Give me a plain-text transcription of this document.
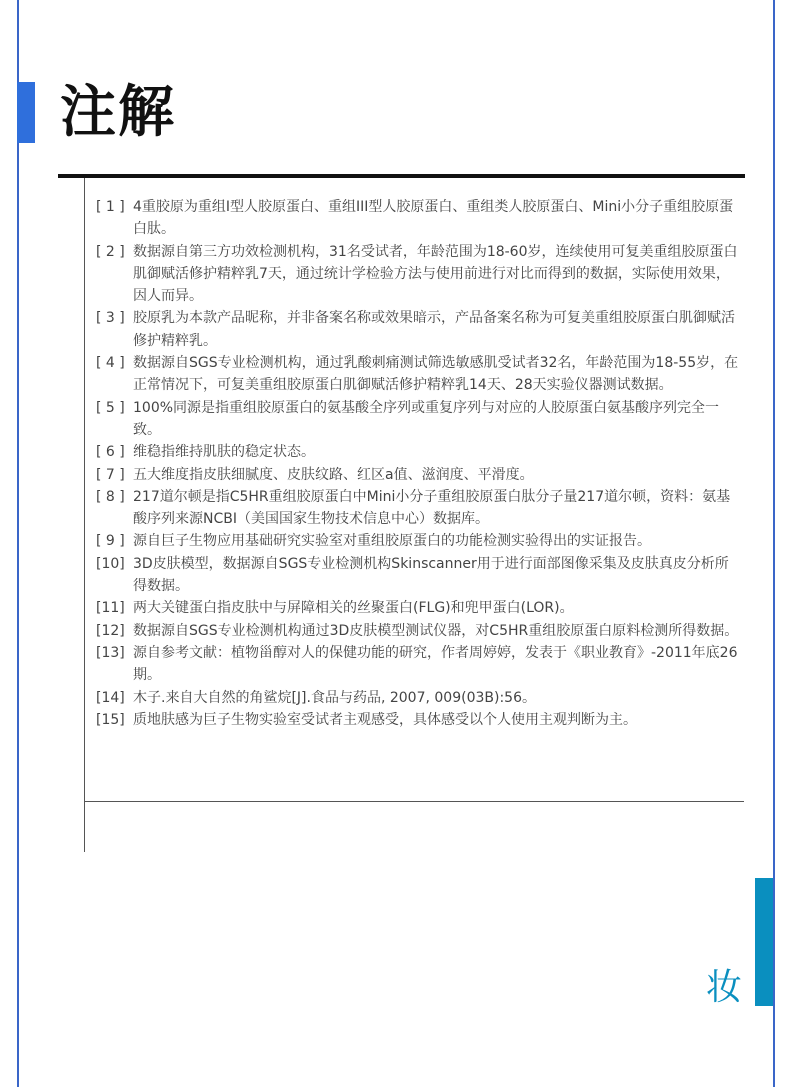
注解
[ 1 ] 4重胶原为重组I型人胶原蛋白、重组III型人胶原蛋白、重组类人胶原蛋白、Mini小分子重组胶原蛋白肽。
[ 2 ] 数据源自第三方功效检测机构，31名受试者，年龄范围为18-60岁，连续使用可复美重组胶原蛋白肌御赋活修护精粹乳7天，通过统计学检验方法与使用前进行对比而得到的数据，实际使用效果，因人而异。
[ 3 ] 胶原乳为本款产品昵称，并非备案名称或效果暗示，产品备案名称为可复美重组胶原蛋白肌御赋活修护精粹乳。
[ 4 ] 数据源自SGS专业检测机构，通过乳酸刺痛测试筛选敏感肌受试者32名，年龄范围为18-55岁，在正常情况下，可复美重组胶原蛋白肌御赋活修护精粹乳14天、28天实验仪器测试数据。
[ 5 ] 100%同源是指重组胶原蛋白的氨基酸全序列或重复序列与对应的人胶原蛋白氨基酸序列完全一致。
[ 6 ] 维稳指维持肌肤的稳定状态。
[ 7 ] 五大维度指皮肤细腻度、皮肤纹路、红区a值、滋润度、平滑度。
[ 8 ] 217道尔顿是指C5HR重组胶原蛋白中Mini小分子重组胶原蛋白肽分子量217道尔顿，资料：氨基酸序列来源NCBI（美国国家生物技术信息中心）数据库。
[ 9 ] 源自巨子生物应用基础研究实验室对重组胶原蛋白的功能检测实验得出的实证报告。
[10] 3D皮肤模型，数据源自SGS专业检测机构Skinscanner用于进行面部图像采集及皮肤真皮分析所得数据。
[11] 两大关键蛋白指皮肤中与屏障相关的丝聚蛋白(FLG)和兜甲蛋白(LOR)。
[12] 数据源自SGS专业检测机构通过3D皮肤模型测试仪器，对C5HR重组胶原蛋白原料检测所得数据。
[13] 源自参考文献：植物甾醇对人的保健功能的研究，作者周婷婷，发表于《职业教育》-2011年底26期。
[14] 木子.来自大自然的角鲨烷[J].食品与药品, 2007, 009(03B):56。
[15] 质地肤感为巨子生物实验室受试者主观感受，具体感受以个人使用主观判断为主。
妆
